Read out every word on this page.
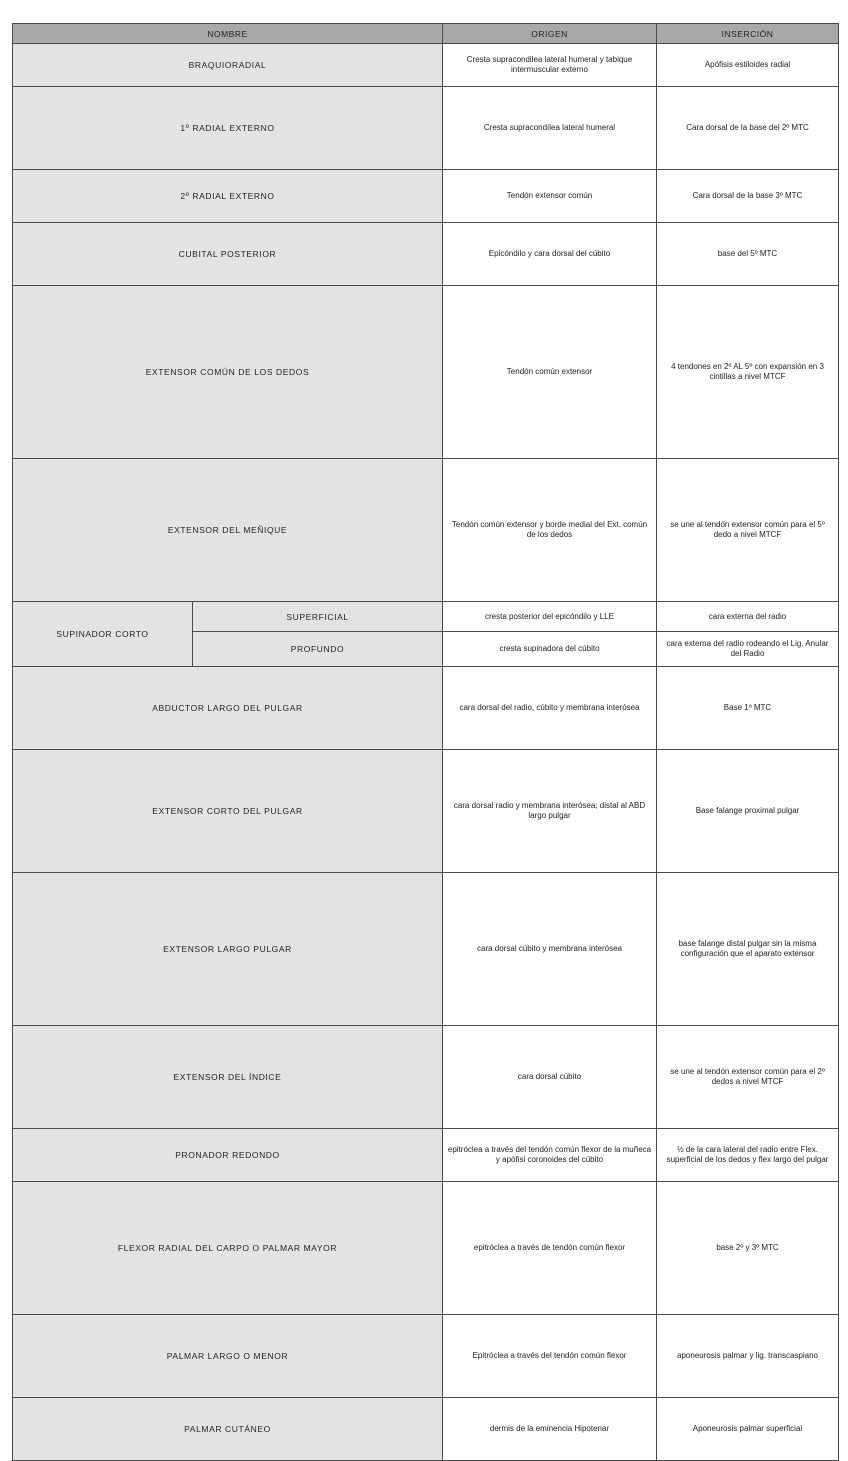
NOMBRE		ORIGEN	INSERCIÓN	
BRAQUIORADIAL		Cresta supracondilea lateral humeral y tabique intermuscular externo	Apófisis estiloides radial	
1º RADIAL EXTERNO		Cresta supracondílea lateral humeral	Cara dorsal de la base del 2º MTC	
2º RADIAL EXTERNO		Tendón extensor común	Cara dorsal de la base 3º MTC	
CUBITAL POSTERIOR		Epicóndilo y cara dorsal del cúbito	base del 5º MTC	
EXTENSOR COMÚN DE LOS DEDOS		Tendón común extensor	4 tendones en 2º AL 5º con expansión en 3 cintillas a nivel MTCF	
EXTENSOR DEL MEÑIQUE		Tendón común extensor y borde medial del Ext. común de los dedos	se une al tendón extensor común para el 5º dedo a nivel MTCF	
SUPINADOR CORTO	SUPERFICIAL	cresta posterior del epicóndilo y LLE	cara externa del radio	
	PROFUNDO	cresta supinadora del cúbito	cara externa del radio rodeando el Lig. Anular del Radio	
ABDUCTOR LARGO DEL PULGAR		cara dorsal del radio, cúbito y membrana interósea	Base 1º MTC	
EXTENSOR CORTO DEL PULGAR		cara dorsal radio y membrana interósea; distal al ABD largo pulgar	Base falange proximal pulgar	
EXTENSOR LARGO PULGAR		cara dorsal cúbito y membrana interósea	base falange distal pulgar sin la misma configuración que el aparato extensor	
EXTENSOR DEL ÍNDICE		cara dorsal cúbito	se une al tendón extensor común para el 2º dedos a nivel MTCF	
PRONADOR REDONDO		epitróclea a través del tendón común flexor de la muñeca y apófisi coronoides del cúbito	½ de la cara lateral del radio entre Flex. superficial de los dedos y flex largo del pulgar	
FLEXOR RADIAL DEL CARPO O PALMAR MAYOR		epitróclea a través de tendón común flexor	base 2º y 3º MTC	
PALMAR LARGO O MENOR		Epitróclea a través del tendón común flexor	aponeurosis palmar y lig. transcaspiano	
PALMAR CUTÁNEO		dermis de la eminencia Hipotenar	Aponeurosis palmar superficial	
